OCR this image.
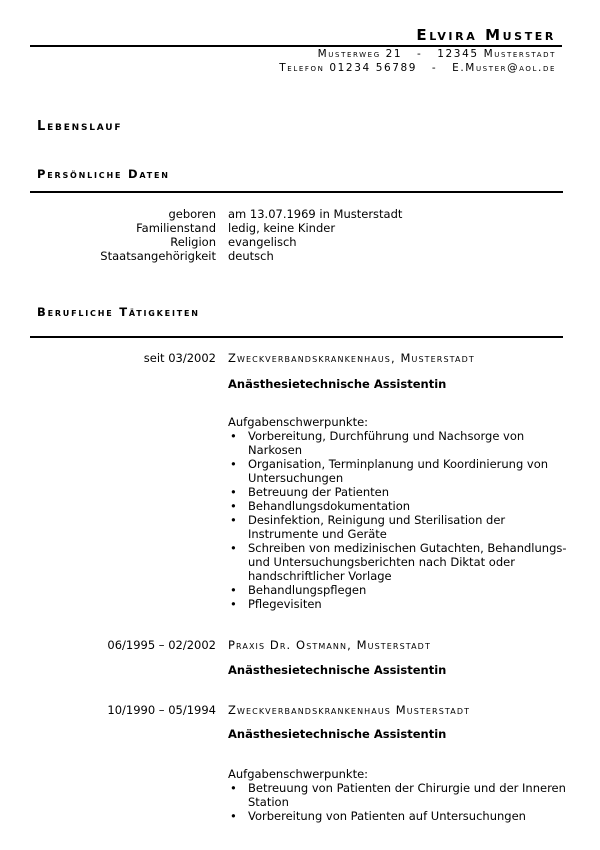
Elvira Muster
Musterweg 21   -   12345 Musterstadt
Telefon 01234 56789   -   E.Muster@aol.de
Lebenslauf
Persönliche Daten
geboren am 13.07.1969 in Musterstadt
Familienstand ledig, keine Kinder
Religion evangelisch
Staatsangehörigkeit deutsch
Berufliche Tätigkeiten
seit 03/2002 Zweckverbandskrankenhaus, Musterstadt
Anästhesietechnische Assistentin
Aufgabenschwerpunkte:
• Vorbereitung, Durchführung und Nachsorge von Narkosen
• Organisation, Terminplanung und Koordinierung von Untersuchungen
• Betreuung der Patienten
• Behandlungsdokumentation
• Desinfektion, Reinigung und Sterilisation der Instrumente und Geräte
• Schreiben von medizinischen Gutachten, Behandlungs- und Untersuchungsberichten nach Diktat oder handschriftlicher Vorlage
• Behandlungspflegen
• Pflegevisiten
06/1995 – 02/2002 Praxis Dr. Ostmann, Musterstadt
Anästhesietechnische Assistentin
10/1990 – 05/1994 Zweckverbandskrankenhaus Musterstadt
Anästhesietechnische Assistentin
Aufgabenschwerpunkte:
• Betreuung von Patienten der Chirurgie und der Inneren Station
• Vorbereitung von Patienten auf Untersuchungen
